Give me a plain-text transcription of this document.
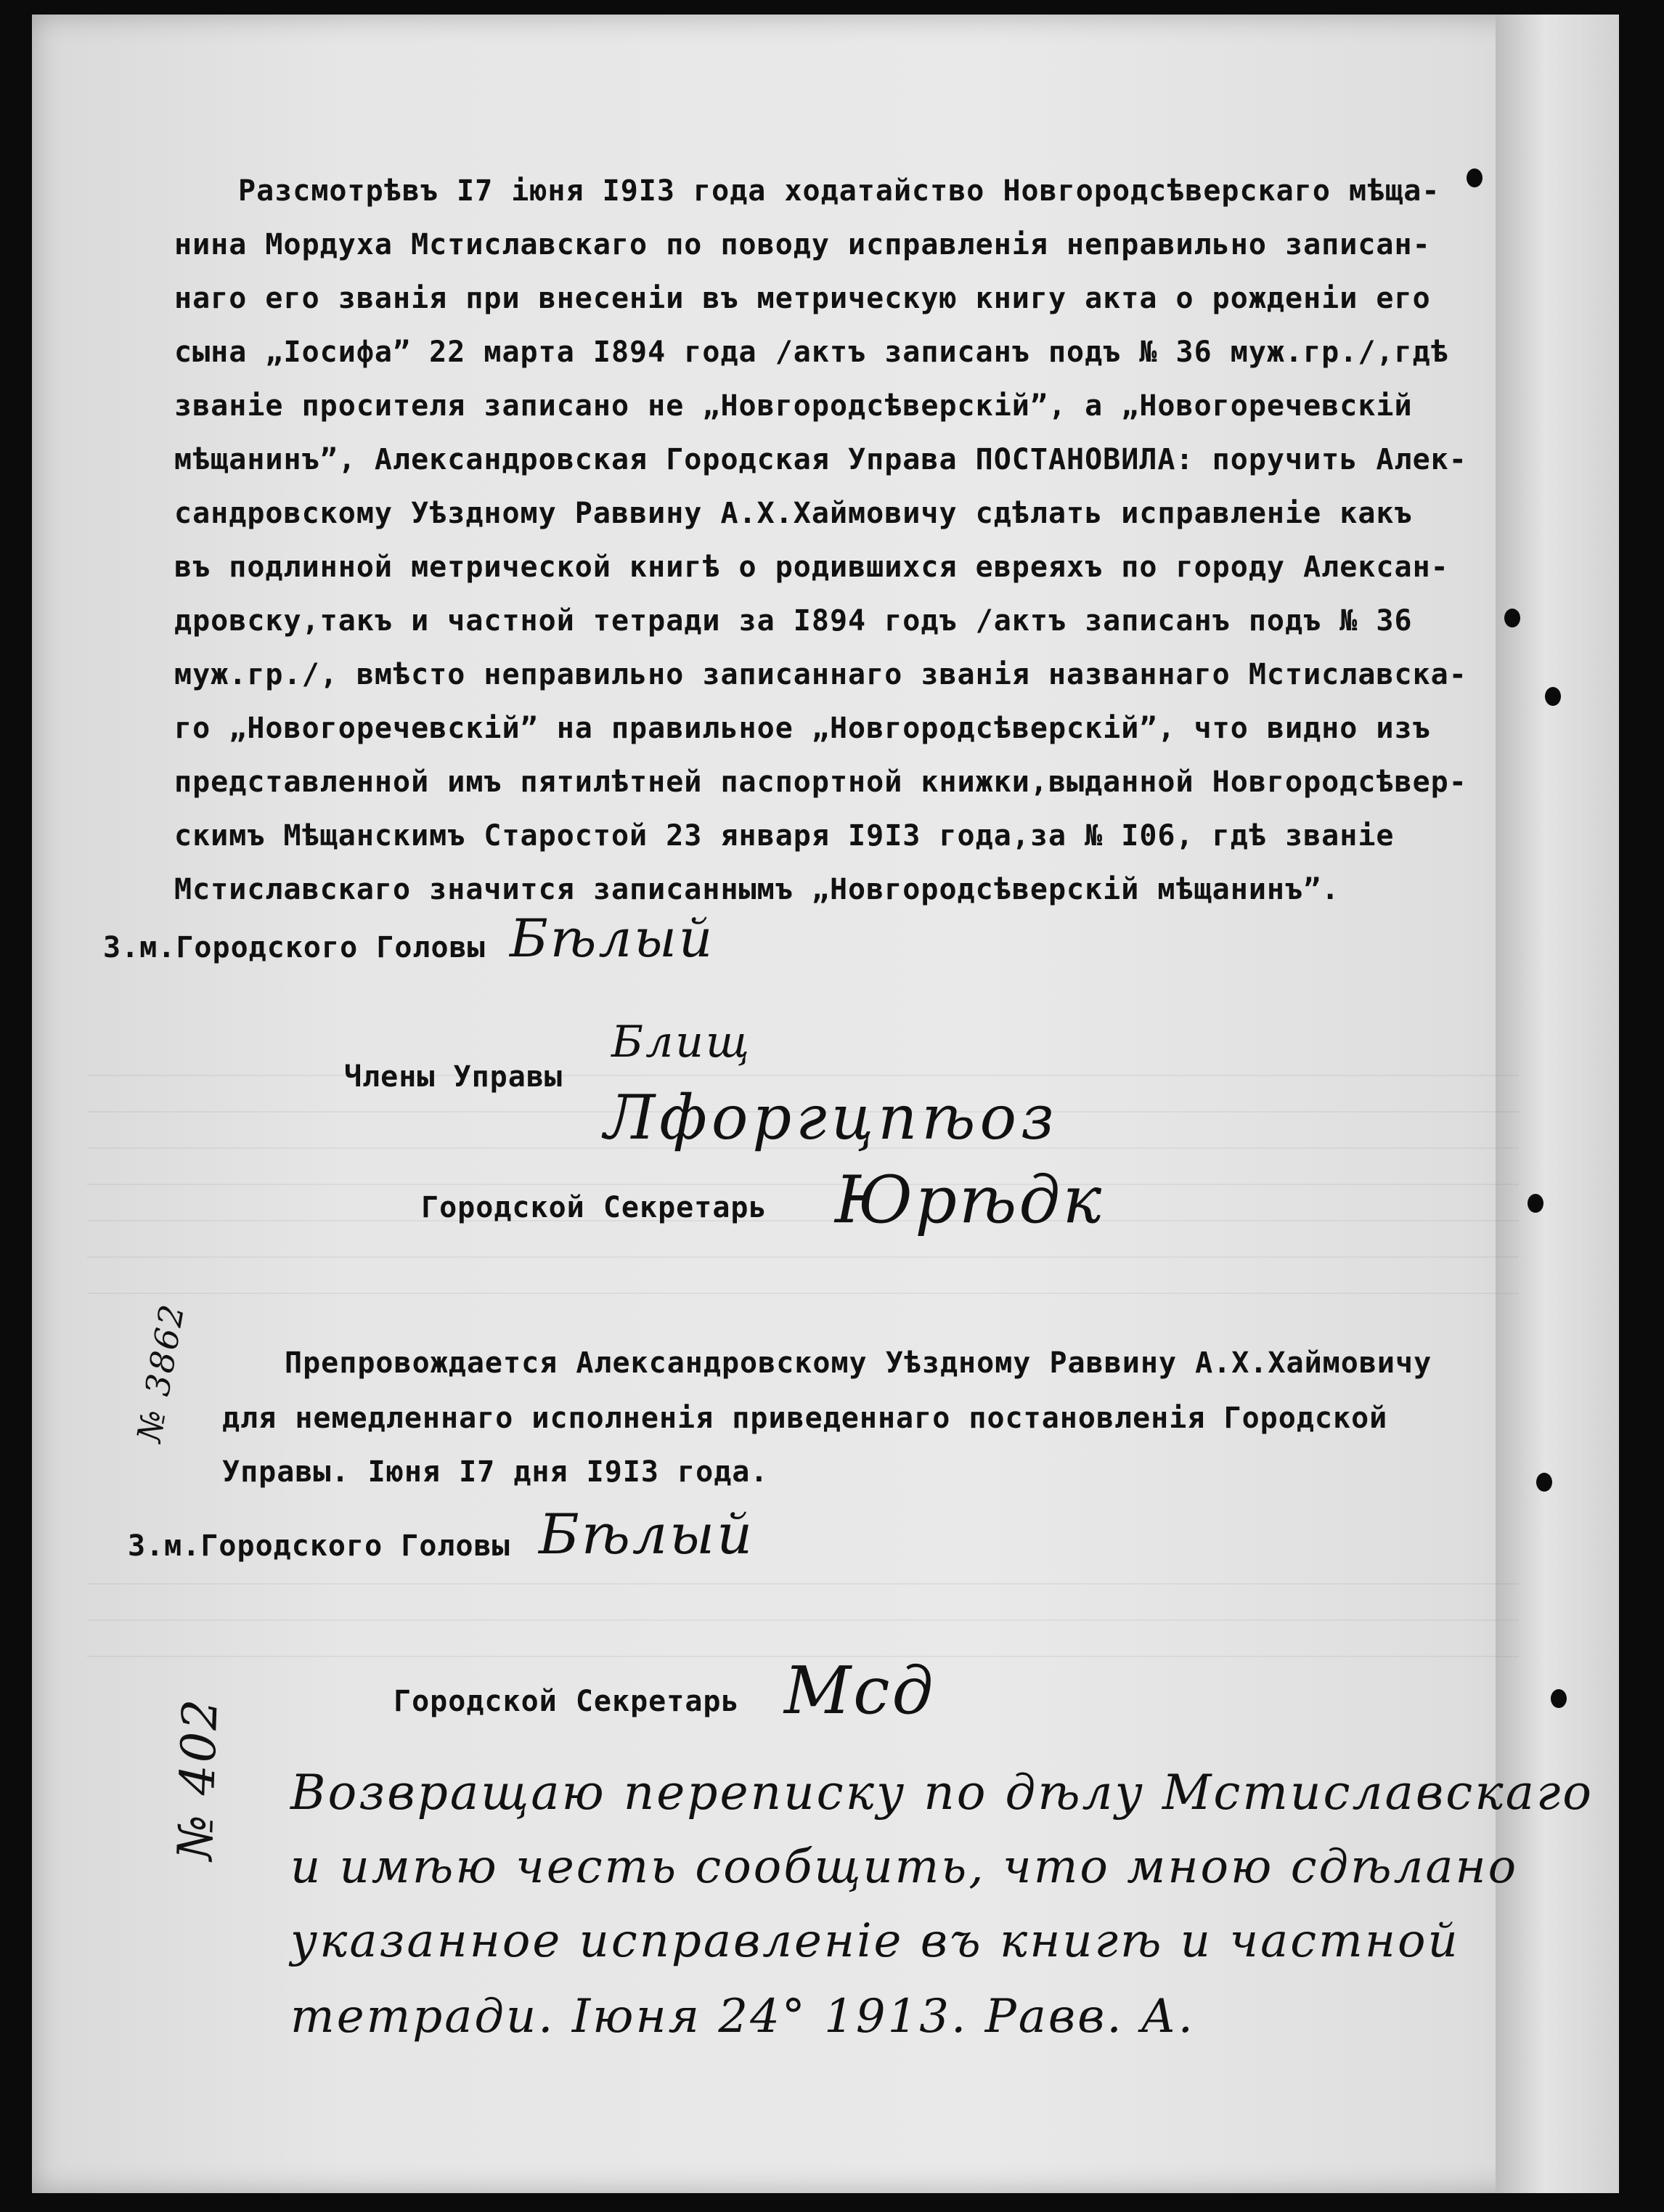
Разсмотрѣвъ I7 іюня I9I3 года ходатайство Новгородсѣверскаго мѣща-
нина Мордуха Мстиславскаго по поводу исправленія неправильно записан-
наго его званія при внесеніи въ метрическую книгу акта о рожденіи его
сына „Іосифа” 22 марта I894 года /актъ записанъ подъ № 36 муж.гр./,гдѣ
званіе просителя записано не „Новгородсѣверскій”, а „Новогоречевскій
мѣщанинъ”, Александровская Городская Управа ПОСТАНОВИЛА: поручить Алек-
сандровскому Уѣздному Раввину А.Х.Хаймовичу сдѣлать исправленіе какъ
въ подлинной метрической книгѣ о родившихся евреяхъ по городу Алексан-
дровску,такъ и частной тетради за I894 годъ /актъ записанъ подъ № 36
муж.гр./, вмѣсто неправильно записаннаго званія названнаго Мстиславска-
го „Новогоречевскій” на правильное „Новгородсѣверскій”, что видно изъ
представленной имъ пятилѣтней паспортной книжки,выданной Новгородсѣвер-
скимъ Мѣщанскимъ Старостой 23 января I9I3 года,за № I06, гдѣ званіе
Мстиславскаго значится записаннымъ „Новгородсѣверскій мѣщанинъ”.
З.м.Городского Головы Бѣлый
Члены Управы
Блищ
Лфоргцпѣоз
Городской Секретарь Юрѣдк
№ 3862	Препровождается Александровскому Уѣздному Раввину А.Х.Хаймовичу
для немедленнаго исполненія приведеннаго постановленія Городской
Управы. Іюня I7 дня I9I3 года.
З.м.Городского Головы Бѣлый
Городской Секретарь Мсд
№ 402 Возвращаю переписку по дѣлу Мстиславскаго
и имѣю честь сообщить, что мною сдѣлано
указанное исправленіе въ книгѣ и частной
тетради. Іюня 24° 1913. Равв. А.
